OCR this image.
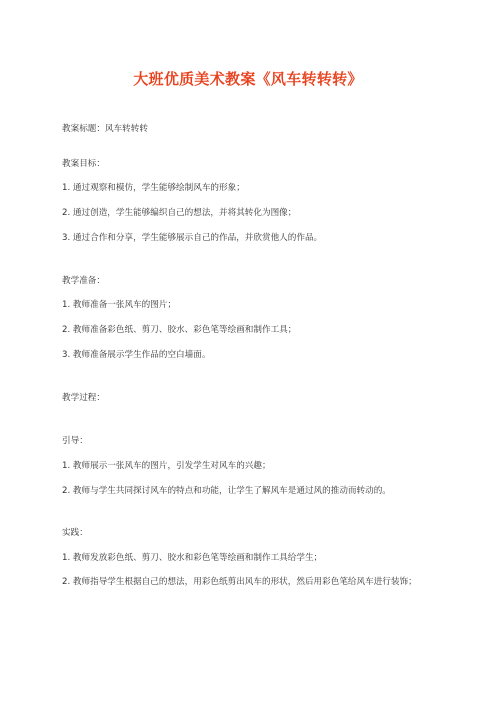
大班优质美术教案《风车转转转》
教案标题：风车转转转
教案目标：
1. 通过观察和模仿，学生能够绘制风车的形象；
2. 通过创造，学生能够编织自己的想法，并将其转化为图像；
3. 通过合作和分享，学生能够展示自己的作品，并欣赏他人的作品。
教学准备：
1. 教师准备一张风车的图片；
2. 教师准备彩色纸、剪刀、胶水、彩色笔等绘画和制作工具；
3. 教师准备展示学生作品的空白墙面。
教学过程：
引导：
1. 教师展示一张风车的图片，引发学生对风车的兴趣；
2. 教师与学生共同探讨风车的特点和功能，让学生了解风车是通过风的推动而转动的。
实践：
1. 教师发放彩色纸、剪刀、胶水和彩色笔等绘画和制作工具给学生；
2. 教师指导学生根据自己的想法，用彩色纸剪出风车的形状，然后用彩色笔给风车进行装饰；
